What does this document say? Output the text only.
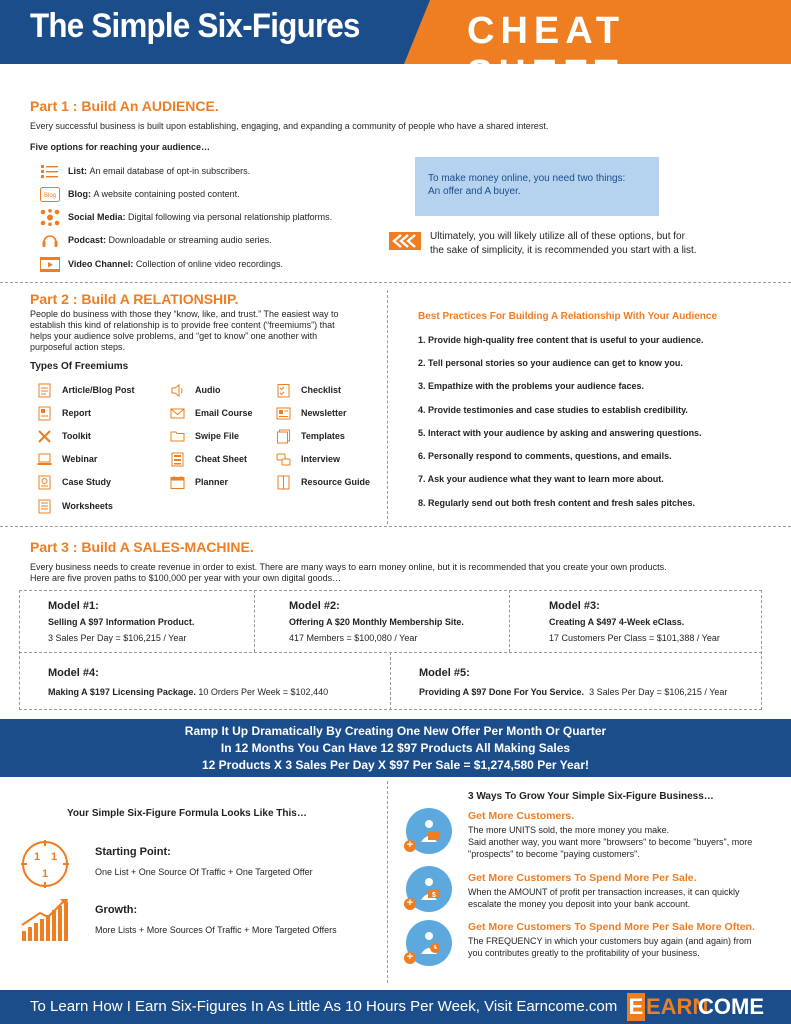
The Simple Six-Figures	CHEAT SHEET
Part 1 : Build An AUDIENCE.
Every successful business is built upon establishing, engaging, and expanding a community of people who have a shared interest.
Five options for reaching your audience…
List:
An email database of opt-in subscribers.
Blog Blog:
A website containing posted content.
Social Media:
Digital following via personal relationship platforms.
Podcast:
Downloadable or streaming audio series.
Video Channel:
Collection of online video recordings.
To make money online, you need two things:
An offer and A buyer.
Ultimately, you will likely utilize all of these options, but for
the sake of simplicity, it is recommended you start with a list.
Part 2 : Build A RELATIONSHIP.
People do business with those they “know, like, and trust.” The easiest way to
establish this kind of relationship is to provide free content (“freemiums”) that
helps your audience solve problems, and “get to know” one another with
purposeful action steps.
Types Of Freemiums
Article/Blog Post
Report
Toolkit
Webinar
Case Study
Worksheets
Audio
Email Course
Swipe File
Cheat Sheet
Planner
Checklist
Newsletter
Templates
Interview
Resource Guide
Best Practices For Building A Relationship With Your Audience
1. Provide high-quality free content that is useful to your audience.
2. Tell personal stories so your audience can get to know you.
3. Empathize with the problems your audience faces.
4. Provide testimonies and case studies to establish credibility.
5. Interact with your audience by asking and answering questions.
6. Personally respond to comments, questions, and emails.
7. Ask your audience what they want to learn more about.
8. Regularly send out both fresh content and fresh sales pitches.
Part 3 : Build A SALES-MACHINE.
Every business needs to create revenue in order to exist. There are many ways to earn money online, but it is recommended that you create your own products.
Here are five proven paths to $100,000 per year with your own digital goods…
Model #1:
Selling A $97 Information Product.
3 Sales Per Day = $106,215 / Year
Model #2:
Offering A $20 Monthly Membership Site.
417 Members = $100,080 / Year
Model #3:
Creating A $497 4-Week eClass.
17 Customers Per Class = $101,388 / Year
Model #4:
Making A $197 Licensing Package. 10 Orders Per Week = $102,440
Model #5:
Providing A $97 Done For You Service. 3 Sales Per Day = $106,215 / Year
Ramp It Up Dramatically By Creating One New Offer Per Month Or Quarter
In 12 Months You Can Have 12 $97 Products All Making Sales
12 Products X 3 Sales Per Day X $97 Per Sale = $1,274,580 Per Year!
Your Simple Six-Figure Formula Looks Like This…
1 1
1
Starting Point:
One List + One Source Of Traffic + One Targeted Offer
Growth:
More Lists + More Sources Of Traffic + More Targeted Offers
3 Ways To Grow Your Simple Six-Figure Business…
+
Get More Customers.
The more UNITS sold, the more money you make.
Said another way, you want more "browsers" to become "buyers", more
"prospects" to become "paying customers".
$
+
Get More Customers To Spend More Per Sale.
When the AMOUNT of profit per transaction increases, it can quickly
escalate the money you deposit into your bank account.
+
Get More Customers To Spend More Per Sale More Often.
The FREQUENCY in which your customers buy again (and again) from
you contributes greatly to the profitability of your business.
To Learn How I Earn Six-Figures In As Little As 10 Hours Per Week, Visit Earncome.com E EARN
COME
